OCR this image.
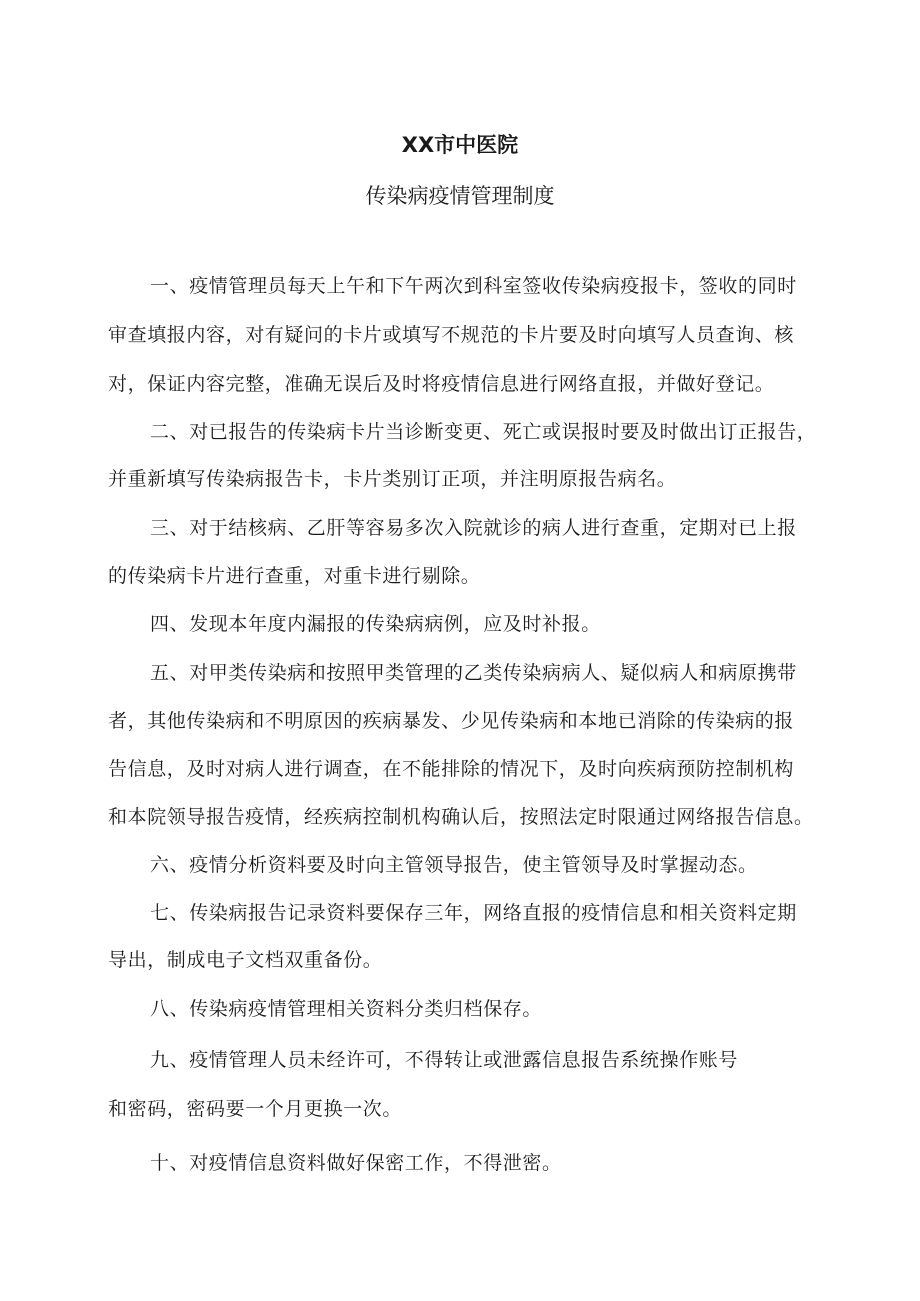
XX市中医院
传染病疫情管理制度

一、疫情管理员每天上午和下午两次到科室签收传染病疫报卡，签收的同时

审查填报内容，对有疑问的卡片或填写不规范的卡片要及时向填写人员查询、核

对，保证内容完整，准确无误后及时将疫情信息进行网络直报，并做好登记。

二、对已报告的传染病卡片当诊断变更、死亡或误报时要及时做出订正报告，

并重新填写传染病报告卡，卡片类别订正项，并注明原报告病名。

三、对于结核病、乙肝等容易多次入院就诊的病人进行查重，定期对已上报

的传染病卡片进行查重，对重卡进行剔除。

四、发现本年度内漏报的传染病病例，应及时补报。

五、对甲类传染病和按照甲类管理的乙类传染病病人、疑似病人和病原携带

者，其他传染病和不明原因的疾病暴发、少见传染病和本地已消除的传染病的报

告信息，及时对病人进行调查，在不能排除的情况下，及时向疾病预防控制机构

和本院领导报告疫情，经疾病控制机构确认后，按照法定时限通过网络报告信息。

六、疫情分析资料要及时向主管领导报告，使主管领导及时掌握动态。

七、传染病报告记录资料要保存三年，网络直报的疫情信息和相关资料定期

导出，制成电子文档双重备份。

八、传染病疫情管理相关资料分类归档保存。

九、疫情管理人员未经许可，不得转让或泄露信息报告系统操作账号

和密码，密码要一个月更换一次。

十、对疫情信息资料做好保密工作，不得泄密。
